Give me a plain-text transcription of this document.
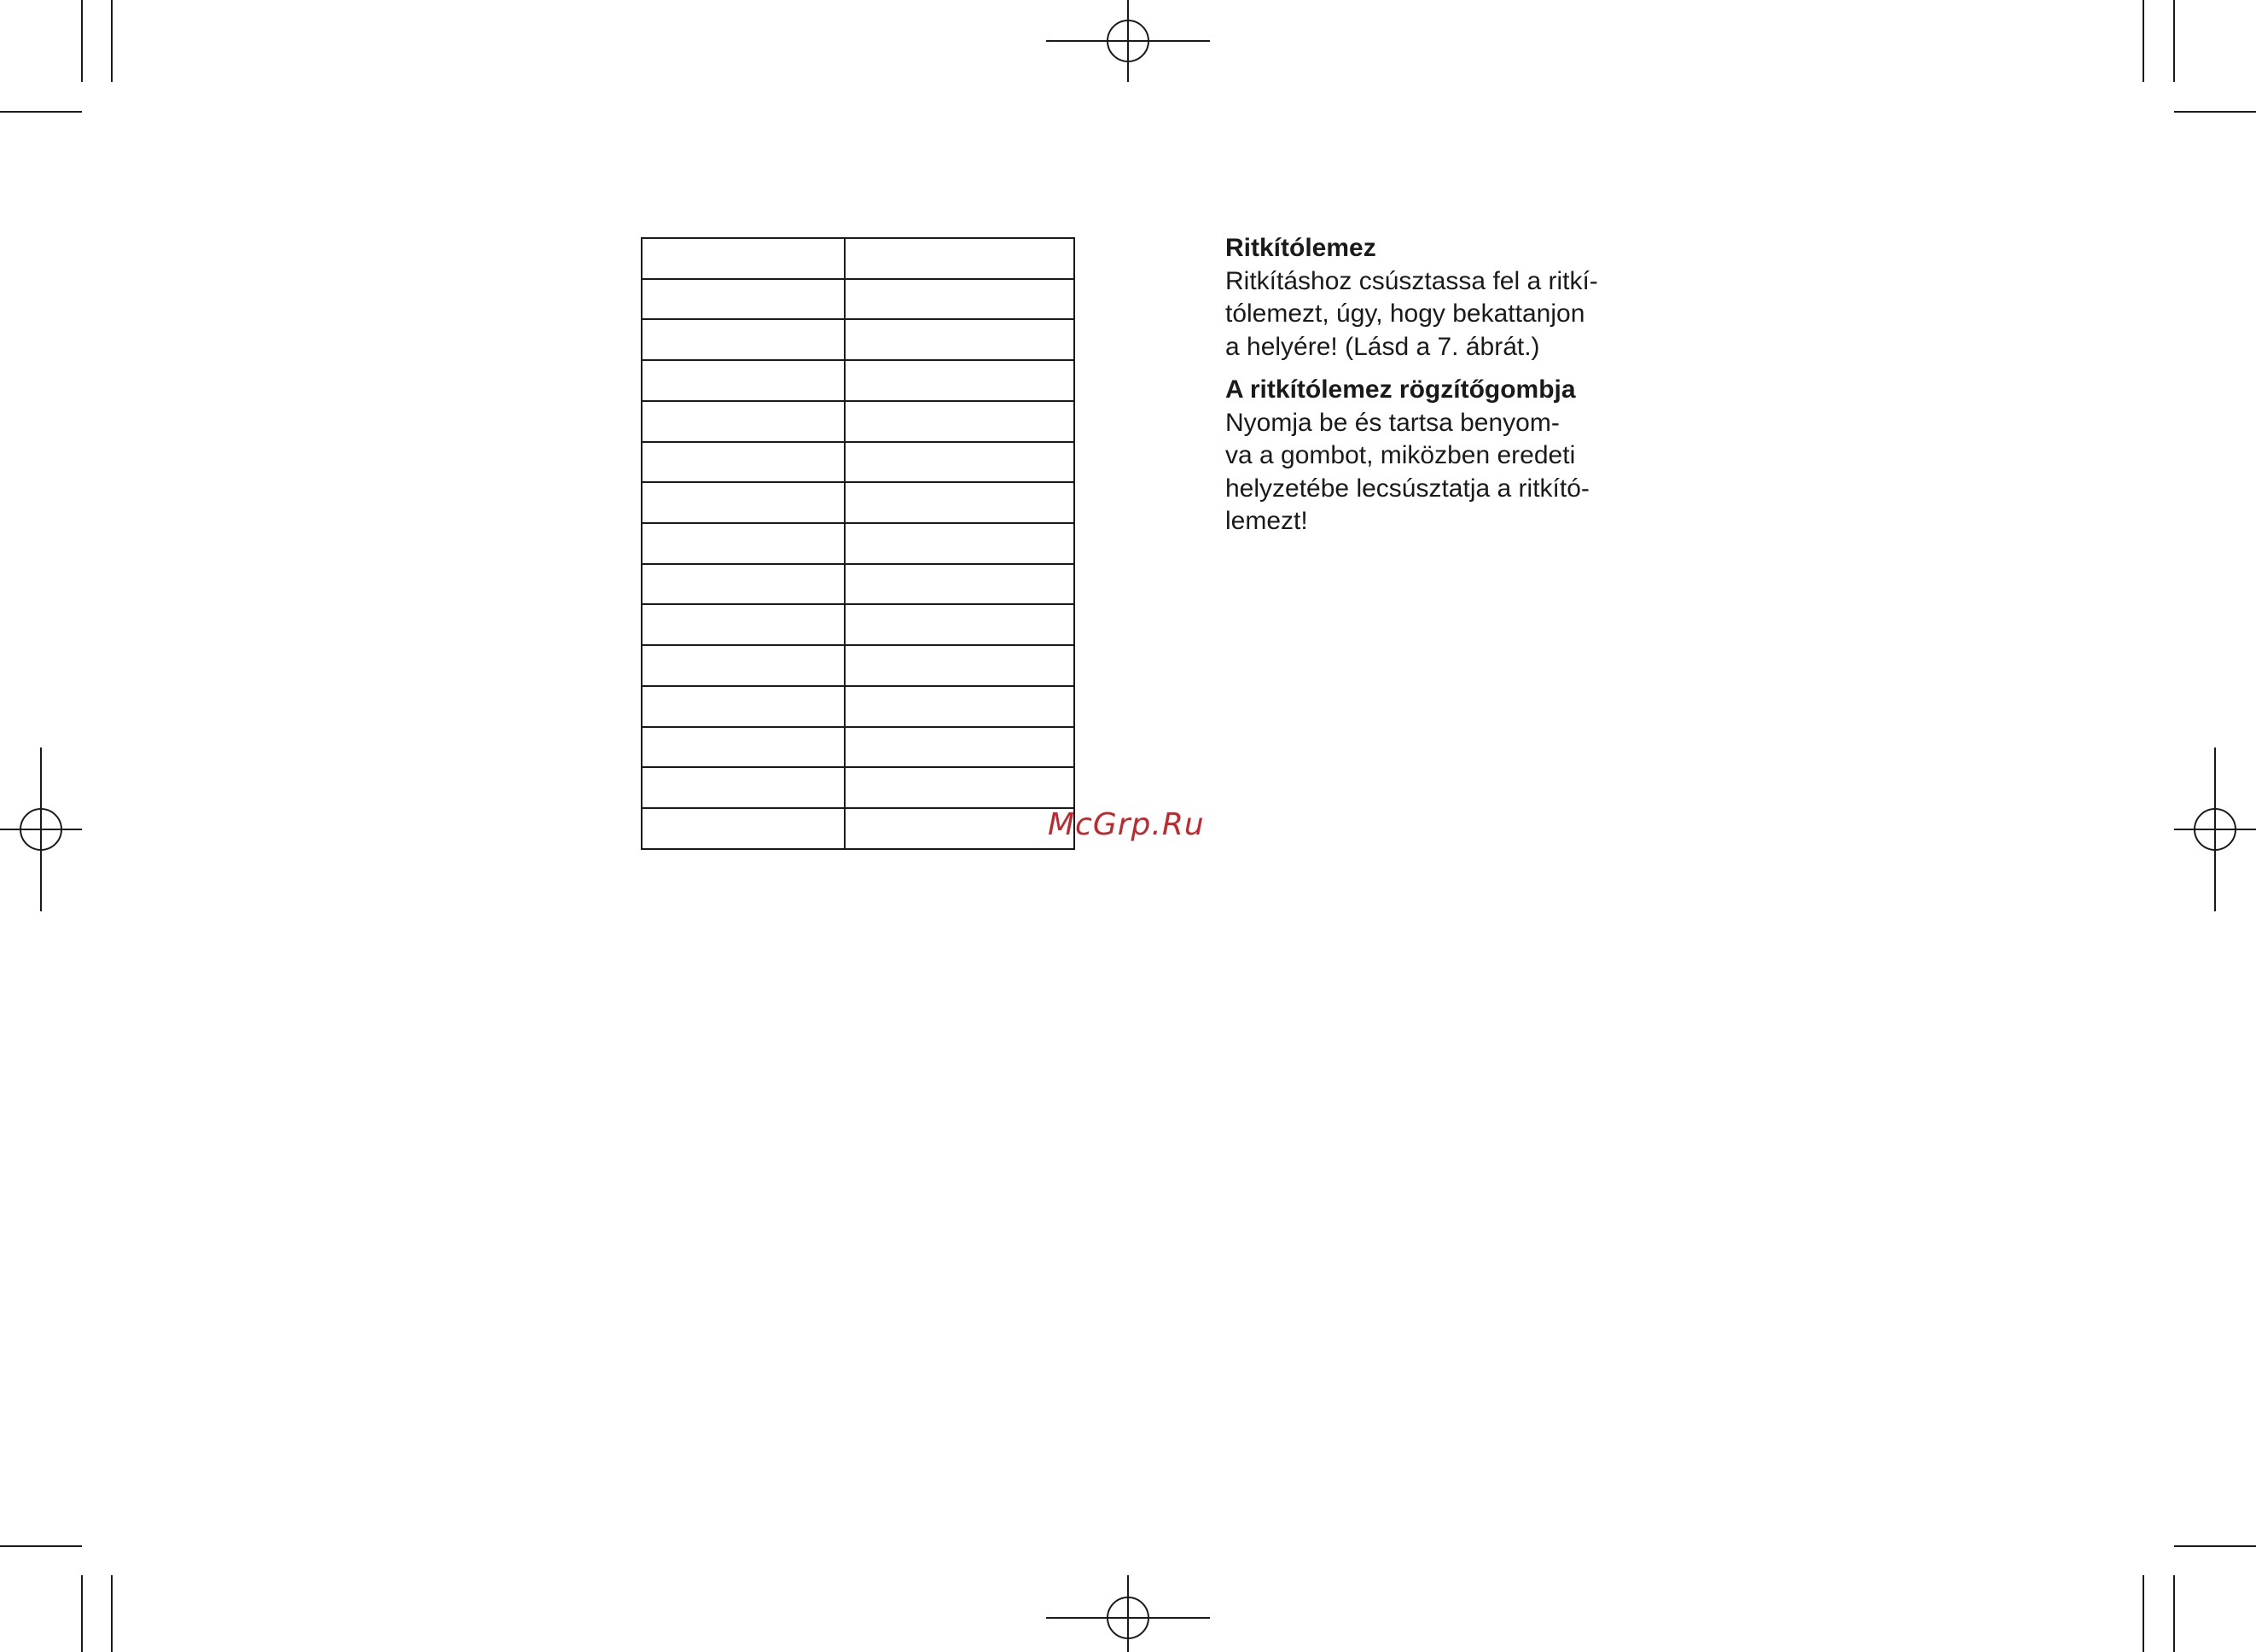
Ritkítólemez

Ritkításhoz csúsztassa fel a ritkí-
tólemezt, úgy, hogy bekattanjon
a helyére! (Lásd a 7. ábrát.)

A ritkítólemez rögzítőgombja

Nyomja be és tartsa benyom-
va a gombot, miközben eredeti
helyzetébe lecsúsztatja a ritkító-
lemezt!

McGrp.Ru
